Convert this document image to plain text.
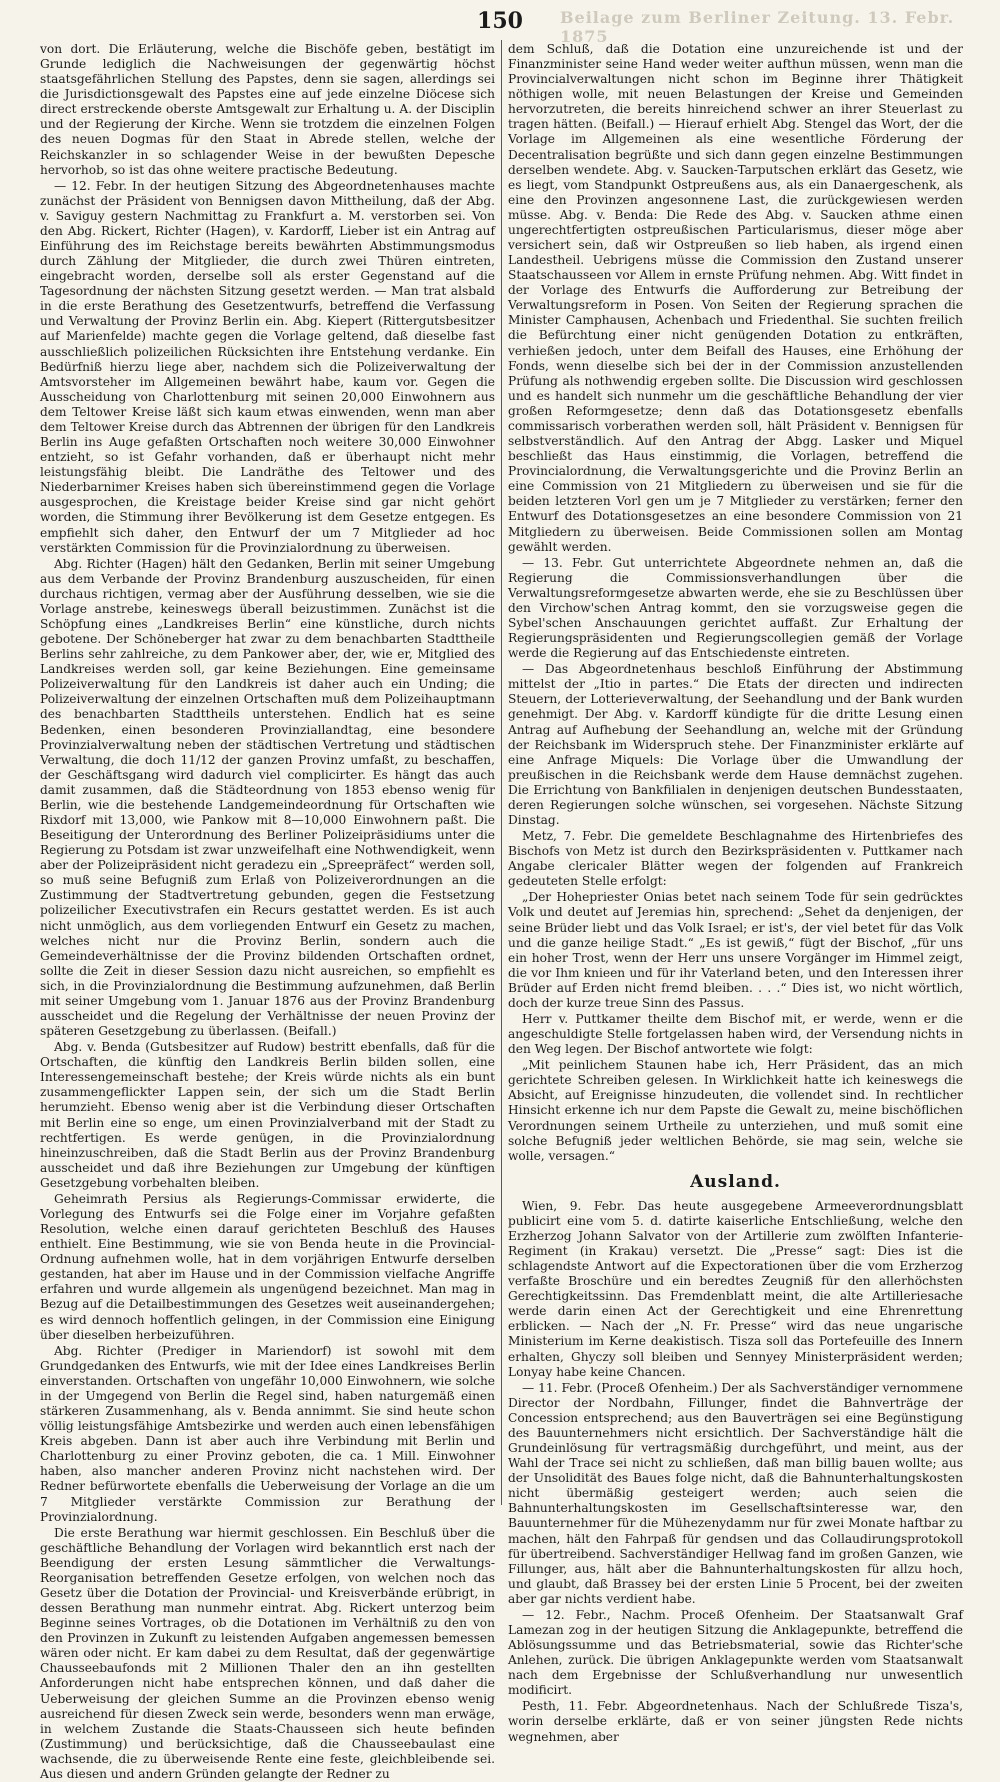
Beilage zum Berliner Zeitung. 13. Febr. 1875
150

von dort. Die Erläuterung, welche die Bischöfe geben, bestätigt im Grunde lediglich die Nachweisungen der gegenwärtig höchst staatsgefährlichen Stellung des Papstes, denn sie sagen, allerdings sei die Jurisdictionsgewalt des Papstes eine auf jede einzelne Diöcese sich direct erstreckende oberste Amtsgewalt zur Erhaltung u. A. der Disciplin und der Regierung der Kirche. Wenn sie trotzdem die einzelnen Folgen des neuen Dogmas für den Staat in Abrede stellen, welche der Reichskanzler in so schlagender Weise in der bewußten Depesche hervorhob, so ist das ohne weitere practische Bedeutung.

— 12. Febr. In der heutigen Sitzung des Abgeordnetenhauses machte zunächst der Präsident von Bennigsen davon Mittheilung, daß der Abg. v. Saviguy gestern Nachmittag zu Frankfurt a. M. verstorben sei. Von den Abg. Rickert, Richter (Hagen), v. Kardorff, Lieber ist ein Antrag auf Einführung des im Reichstage bereits bewährten Abstimmungsmodus durch Zählung der Mitglieder, die durch zwei Thüren eintreten, eingebracht worden, derselbe soll als erster Gegenstand auf die Tagesordnung der nächsten Sitzung gesetzt werden. — Man trat alsbald in die erste Berathung des Gesetzentwurfs, betreffend die Verfassung und Verwaltung der Provinz Berlin ein. Abg. Kiepert (Rittergutsbesitzer auf Marienfelde) machte gegen die Vorlage geltend, daß dieselbe fast ausschließlich polizeilichen Rücksichten ihre Entstehung verdanke. Ein Bedürfniß hierzu liege aber, nachdem sich die Polizeiverwaltung der Amtsvorsteher im Allgemeinen bewährt habe, kaum vor. Gegen die Ausscheidung von Charlottenburg mit seinen 20,000 Einwohnern aus dem Teltower Kreise läßt sich kaum etwas einwenden, wenn man aber dem Teltower Kreise durch das Abtrennen der übrigen für den Landkreis Berlin ins Auge gefaßten Ortschaften noch weitere 30,000 Einwohner entzieht, so ist Gefahr vorhanden, daß er überhaupt nicht mehr leistungsfähig bleibt. Die Landräthe des Teltower und des Niederbarnimer Kreises haben sich übereinstimmend gegen die Vorlage ausgesprochen, die Kreistage beider Kreise sind gar nicht gehört worden, die Stimmung ihrer Bevölkerung ist dem Gesetze entgegen. Es empfiehlt sich daher, den Entwurf der um 7 Mitglieder ad hoc verstärkten Commission für die Provinzialordnung zu überweisen.

Abg. Richter (Hagen) hält den Gedanken, Berlin mit seiner Umgebung aus dem Verbande der Provinz Brandenburg auszuscheiden, für einen durchaus richtigen, vermag aber der Ausführung desselben, wie sie die Vorlage anstrebe, keineswegs überall beizustimmen. Zunächst ist die Schöpfung eines „Landkreises Berlin“ eine künstliche, durch nichts gebotene. Der Schöneberger hat zwar zu dem benachbarten Stadttheile Berlins sehr zahlreiche, zu dem Pankower aber, der, wie er, Mitglied des Landkreises werden soll, gar keine Beziehungen. Eine gemeinsame Polizeiverwaltung für den Landkreis ist daher auch ein Unding; die Polizeiverwaltung der einzelnen Ortschaften muß dem Polizeihauptmann des benachbarten Stadttheils unterstehen. Endlich hat es seine Bedenken, einen besonderen Provinziallandtag, eine besondere Provinzialverwaltung neben der städtischen Vertretung und städtischen Verwaltung, die doch 11/12 der ganzen Provinz umfaßt, zu beschaffen, der Geschäftsgang wird dadurch viel complicirter. Es hängt das auch damit zusammen, daß die Städteordnung von 1853 ebenso wenig für Berlin, wie die bestehende Landgemeindeordnung für Ortschaften wie Rixdorf mit 13,000, wie Pankow mit 8—10,000 Einwohnern paßt. Die Beseitigung der Unterordnung des Berliner Polizeipräsidiums unter die Regierung zu Potsdam ist zwar unzweifelhaft eine Nothwendigkeit, wenn aber der Polizeipräsident nicht geradezu ein „Spreepräfect“ werden soll, so muß seine Befugniß zum Erlaß von Polizeiverordnungen an die Zustimmung der Stadtvertretung gebunden, gegen die Festsetzung polizeilicher Executivstrafen ein Recurs gestattet werden. Es ist auch nicht unmöglich, aus dem vorliegenden Entwurf ein Gesetz zu machen, welches nicht nur die Provinz Berlin, sondern auch die Gemeindeverhältnisse der die Provinz bildenden Ortschaften ordnet, sollte die Zeit in dieser Session dazu nicht ausreichen, so empfiehlt es sich, in die Provinzialordnung die Bestimmung aufzunehmen, daß Berlin mit seiner Umgebung vom 1. Januar 1876 aus der Provinz Brandenburg ausscheidet und die Regelung der Verhältnisse der neuen Provinz der späteren Gesetzgebung zu überlassen. (Beifall.)

Abg. v. Benda (Gutsbesitzer auf Rudow) bestritt ebenfalls, daß für die Ortschaften, die künftig den Landkreis Berlin bilden sollen, eine Interessengemeinschaft bestehe; der Kreis würde nichts als ein bunt zusammengeflickter Lappen sein, der sich um die Stadt Berlin herumzieht. Ebenso wenig aber ist die Verbindung dieser Ortschaften mit Berlin eine so enge, um einen Provinzialverband mit der Stadt zu rechtfertigen. Es werde genügen, in die Provinzialordnung hineinzuschreiben, daß die Stadt Berlin aus der Provinz Brandenburg ausscheidet und daß ihre Beziehungen zur Umgebung der künftigen Gesetzgebung vorbehalten bleiben.

Geheimrath Persius als Regierungs-Commissar erwiderte, die Vorlegung des Entwurfs sei die Folge einer im Vorjahre gefaßten Resolution, welche einen darauf gerichteten Beschluß des Hauses enthielt. Eine Bestimmung, wie sie von Benda heute in die Provincial-Ordnung aufnehmen wolle, hat in dem vorjährigen Entwurfe derselben gestanden, hat aber im Hause und in der Commission vielfache Angriffe erfahren und wurde allgemein als ungenügend bezeichnet. Man mag in Bezug auf die Detailbestimmungen des Gesetzes weit auseinandergehen; es wird dennoch hoffentlich gelingen, in der Commission eine Einigung über dieselben herbeizuführen.

Abg. Richter (Prediger in Mariendorf) ist sowohl mit dem Grundgedanken des Entwurfs, wie mit der Idee eines Landkreises Berlin einverstanden. Ortschaften von ungefähr 10,000 Einwohnern, wie solche in der Umgegend von Berlin die Regel sind, haben naturgemäß einen stärkeren Zusammenhang, als v. Benda annimmt. Sie sind heute schon völlig leistungsfähige Amtsbezirke und werden auch einen lebensfähigen Kreis abgeben. Dann ist aber auch ihre Verbindung mit Berlin und Charlottenburg zu einer Provinz geboten, die ca. 1 Mill. Einwohner haben, also mancher anderen Provinz nicht nachstehen wird. Der Redner befürwortete ebenfalls die Ueberweisung der Vorlage an die um 7 Mitglieder verstärkte Commission zur Berathung der Provinzialordnung.

Die erste Berathung war hiermit geschlossen. Ein Beschluß über die geschäftliche Behandlung der Vorlagen wird bekanntlich erst nach der Beendigung der ersten Lesung sämmtlicher die Verwaltungs-Reorganisation betreffenden Gesetze erfolgen, von welchen noch das Gesetz über die Dotation der Provincial- und Kreisverbände erübrigt, in dessen Berathung man nunmehr eintrat. Abg. Rickert unterzog beim Beginne seines Vortrages, ob die Dotationen im Verhältniß zu den von den Provinzen in Zukunft zu leistenden Aufgaben angemessen bemessen wären oder nicht. Er kam dabei zu dem Resultat, daß der gegenwärtige Chausseebaufonds mit 2 Millionen Thaler den an ihn gestellten Anforderungen nicht habe entsprechen können, und daß daher die Ueberweisung der gleichen Summe an die Provinzen ebenso wenig ausreichend für diesen Zweck sein werde, besonders wenn man erwäge, in welchem Zustande die Staats-Chausseen sich heute befinden (Zustimmung) und berücksichtige, daß die Chausseebaulast eine wachsende, die zu überweisende Rente eine feste, gleichbleibende sei. Aus diesen und andern Gründen gelangte der Redner zu

dem Schluß, daß die Dotation eine unzureichende ist und der Finanzminister seine Hand weder weiter aufthun müssen, wenn man die Provincialverwaltungen nicht schon im Beginne ihrer Thätigkeit nöthigen wolle, mit neuen Belastungen der Kreise und Gemeinden hervorzutreten, die bereits hinreichend schwer an ihrer Steuerlast zu tragen hätten. (Beifall.) — Hierauf erhielt Abg. Stengel das Wort, der die Vorlage im Allgemeinen als eine wesentliche Förderung der Decentralisation begrüßte und sich dann gegen einzelne Bestimmungen derselben wendete. Abg. v. Saucken-Tarputschen erklärt das Gesetz, wie es liegt, vom Standpunkt Ostpreußens aus, als ein Danaergeschenk, als eine den Provinzen angesonnene Last, die zurückgewiesen werden müsse. Abg. v. Benda: Die Rede des Abg. v. Saucken athme einen ungerechtfertigten ostpreußischen Particularismus, dieser möge aber versichert sein, daß wir Ostpreußen so lieb haben, als irgend einen Landestheil. Uebrigens müsse die Commission den Zustand unserer Staatschausseen vor Allem in ernste Prüfung nehmen. Abg. Witt findet in der Vorlage des Entwurfs die Aufforderung zur Betreibung der Verwaltungsreform in Posen. Von Seiten der Regierung sprachen die Minister Camphausen, Achenbach und Friedenthal. Sie suchten freilich die Befürchtung einer nicht genügenden Dotation zu entkräften, verhießen jedoch, unter dem Beifall des Hauses, eine Erhöhung der Fonds, wenn dieselbe sich bei der in der Commission anzustellenden Prüfung als nothwendig ergeben sollte. Die Discussion wird geschlossen und es handelt sich nunmehr um die geschäftliche Behandlung der vier großen Reformgesetze; denn daß das Dotationsgesetz ebenfalls commissarisch vorberathen werden soll, hält Präsident v. Bennigsen für selbstverständlich. Auf den Antrag der Abgg. Lasker und Miquel beschließt das Haus einstimmig, die Vorlagen, betreffend die Provincialordnung, die Verwaltungsgerichte und die Provinz Berlin an eine Commission von 21 Mitgliedern zu überweisen und sie für die beiden letzteren Vorl gen um je 7 Mitglieder zu verstärken; ferner den Entwurf des Dotationsgesetzes an eine besondere Commission von 21 Mitgliedern zu überweisen. Beide Commissionen sollen am Montag gewählt werden.

— 13. Febr. Gut unterrichtete Abgeordnete nehmen an, daß die Regierung die Commissionsverhandlungen über die Verwaltungsreformgesetze abwarten werde, ehe sie zu Beschlüssen über den Virchow'schen Antrag kommt, den sie vorzugsweise gegen die Sybel'schen Anschauungen gerichtet auffaßt. Zur Erhaltung der Regierungspräsidenten und Regierungscollegien gemäß der Vorlage werde die Regierung auf das Entschiedenste eintreten.

— Das Abgeordnetenhaus beschloß Einführung der Abstimmung mittelst der „Itio in partes.“ Die Etats der directen und indirecten Steuern, der Lotterieverwaltung, der Seehandlung und der Bank wurden genehmigt. Der Abg. v. Kardorff kündigte für die dritte Lesung einen Antrag auf Aufhebung der Seehandlung an, welche mit der Gründung der Reichsbank im Widerspruch stehe. Der Finanzminister erklärte auf eine Anfrage Miquels: Die Vorlage über die Umwandlung der preußischen in die Reichsbank werde dem Hause demnächst zugehen. Die Errichtung von Bankfilialen in denjenigen deutschen Bundesstaaten, deren Regierungen solche wünschen, sei vorgesehen. Nächste Sitzung Dinstag.

Metz, 7. Febr. Die gemeldete Beschlagnahme des Hirtenbriefes des Bischofs von Metz ist durch den Bezirkspräsidenten v. Puttkamer nach Angabe clericaler Blätter wegen der folgenden auf Frankreich gedeuteten Stelle erfolgt:

„Der Hohepriester Onias betet nach seinem Tode für sein gedrücktes Volk und deutet auf Jeremias hin, sprechend: „Sehet da denjenigen, der seine Brüder liebt und das Volk Israel; er ist's, der viel betet für das Volk und die ganze heilige Stadt.“ „Es ist gewiß,“ fügt der Bischof, „für uns ein hoher Trost, wenn der Herr uns unsere Vorgänger im Himmel zeigt, die vor Ihm knieen und für ihr Vaterland beten, und den Interessen ihrer Brüder auf Erden nicht fremd bleiben. . . .“ Dies ist, wo nicht wörtlich, doch der kurze treue Sinn des Passus.

Herr v. Puttkamer theilte dem Bischof mit, er werde, wenn er die angeschuldigte Stelle fortgelassen haben wird, der Versendung nichts in den Weg legen. Der Bischof antwortete wie folgt:

„Mit peinlichem Staunen habe ich, Herr Präsident, das an mich gerichtete Schreiben gelesen. In Wirklichkeit hatte ich keineswegs die Absicht, auf Ereignisse hinzudeuten, die vollendet sind. In rechtlicher Hinsicht erkenne ich nur dem Papste die Gewalt zu, meine bischöflichen Verordnungen seinem Urtheile zu unterziehen, und muß somit eine solche Befugniß jeder weltlichen Behörde, sie mag sein, welche sie wolle, versagen.“

Ausland.

Wien, 9. Febr. Das heute ausgegebene Armeeverordnungsblatt publicirt eine vom 5. d. datirte kaiserliche Entschließung, welche den Erzherzog Johann Salvator von der Artillerie zum zwölften Infanterie-Regiment (in Krakau) versetzt. Die „Presse“ sagt: Dies ist die schlagendste Antwort auf die Expectorationen über die vom Erzherzog verfaßte Broschüre und ein beredtes Zeugniß für den allerhöchsten Gerechtigkeitssinn. Das Fremdenblatt meint, die alte Artilleriesache werde darin einen Act der Gerechtigkeit und eine Ehrenrettung erblicken. — Nach der „N. Fr. Presse“ wird das neue ungarische Ministerium im Kerne deakistisch. Tisza soll das Portefeuille des Innern erhalten, Ghyczy soll bleiben und Sennyey Ministerpräsident werden; Lonyay habe keine Chancen.

— 11. Febr. (Proceß Ofenheim.) Der als Sachverständiger vernommene Director der Nordbahn, Fillunger, findet die Bahnverträge der Concession entsprechend; aus den Bauverträgen sei eine Begünstigung des Bauunternehmers nicht ersichtlich. Der Sachverständige hält die Grundeinlösung für vertragsmäßig durchgeführt, und meint, aus der Wahl der Trace sei nicht zu schließen, daß man billig bauen wollte; aus der Unsolidität des Baues folge nicht, daß die Bahnunterhaltungskosten nicht übermäßig gesteigert werden; auch seien die Bahnunterhaltungskosten im Gesellschaftsinteresse war, den Bauunternehmer für die Mühezenydamm nur für zwei Monate haftbar zu machen, hält den Fahrpaß für gendsen und das Collaudirungsprotokoll für übertreibend. Sachverständiger Hellwag fand im großen Ganzen, wie Fillunger, aus, hält aber die Bahnunterhaltungskosten für allzu hoch, und glaubt, daß Brassey bei der ersten Linie 5 Procent, bei der zweiten aber gar nichts verdient habe.

— 12. Febr., Nachm. Proceß Ofenheim. Der Staatsanwalt Graf Lamezan zog in der heutigen Sitzung die Anklagepunkte, betreffend die Ablösungssumme und das Betriebsmaterial, sowie das Richter'sche Anlehen, zurück. Die übrigen Anklagepunkte werden vom Staatsanwalt nach dem Ergebnisse der Schlußverhandlung nur unwesentlich modificirt.

Pesth, 11. Febr. Abgeordnetenhaus. Nach der Schlußrede Tisza's, worin derselbe erklärte, daß er von seiner jüngsten Rede nichts wegnehmen, aber
